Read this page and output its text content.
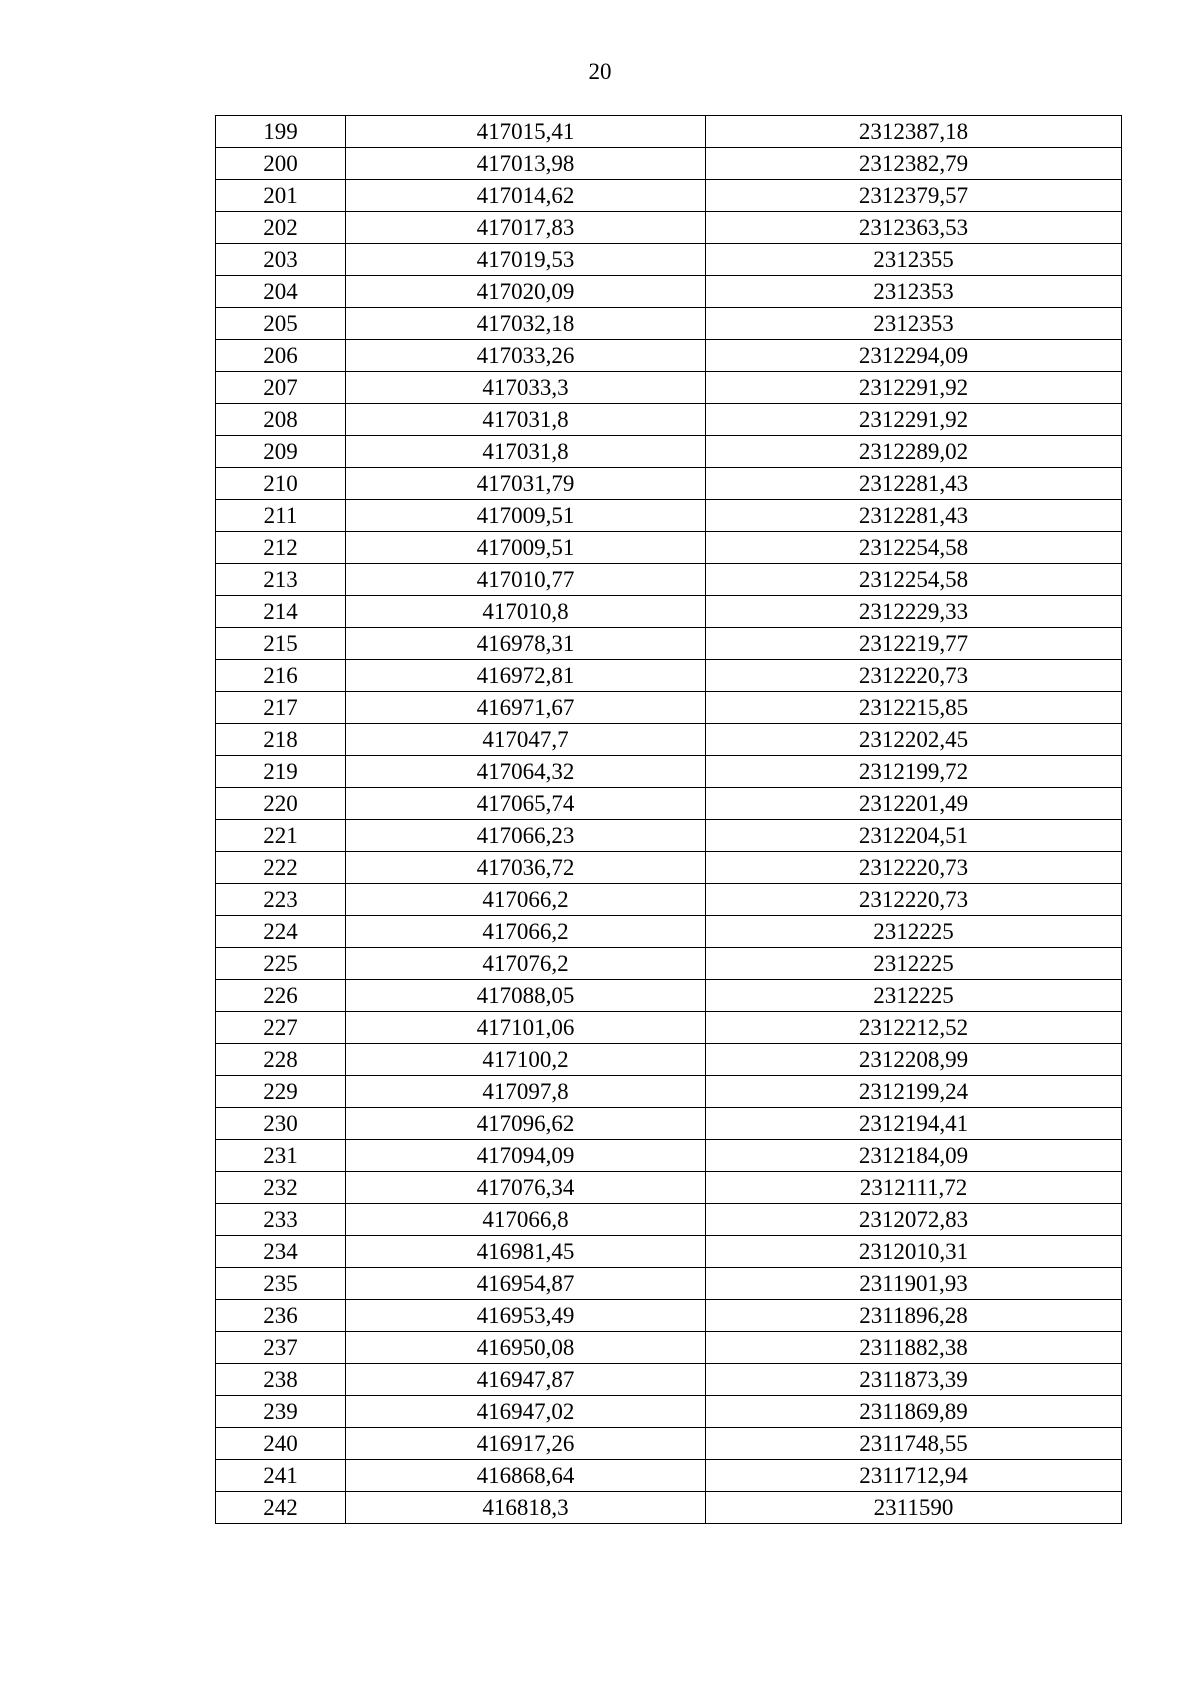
20
199	417015,41	2312387,18
200	417013,98	2312382,79
201	417014,62	2312379,57
202	417017,83	2312363,53
203	417019,53	2312355
204	417020,09	2312353
205	417032,18	2312353
206	417033,26	2312294,09
207	417033,3	2312291,92
208	417031,8	2312291,92
209	417031,8	2312289,02
210	417031,79	2312281,43
211	417009,51	2312281,43
212	417009,51	2312254,58
213	417010,77	2312254,58
214	417010,8	2312229,33
215	416978,31	2312219,77
216	416972,81	2312220,73
217	416971,67	2312215,85
218	417047,7	2312202,45
219	417064,32	2312199,72
220	417065,74	2312201,49
221	417066,23	2312204,51
222	417036,72	2312220,73
223	417066,2	2312220,73
224	417066,2	2312225
225	417076,2	2312225
226	417088,05	2312225
227	417101,06	2312212,52
228	417100,2	2312208,99
229	417097,8	2312199,24
230	417096,62	2312194,41
231	417094,09	2312184,09
232	417076,34	2312111,72
233	417066,8	2312072,83
234	416981,45	2312010,31
235	416954,87	2311901,93
236	416953,49	2311896,28
237	416950,08	2311882,38
238	416947,87	2311873,39
239	416947,02	2311869,89
240	416917,26	2311748,55
241	416868,64	2311712,94
242	416818,3	2311590
